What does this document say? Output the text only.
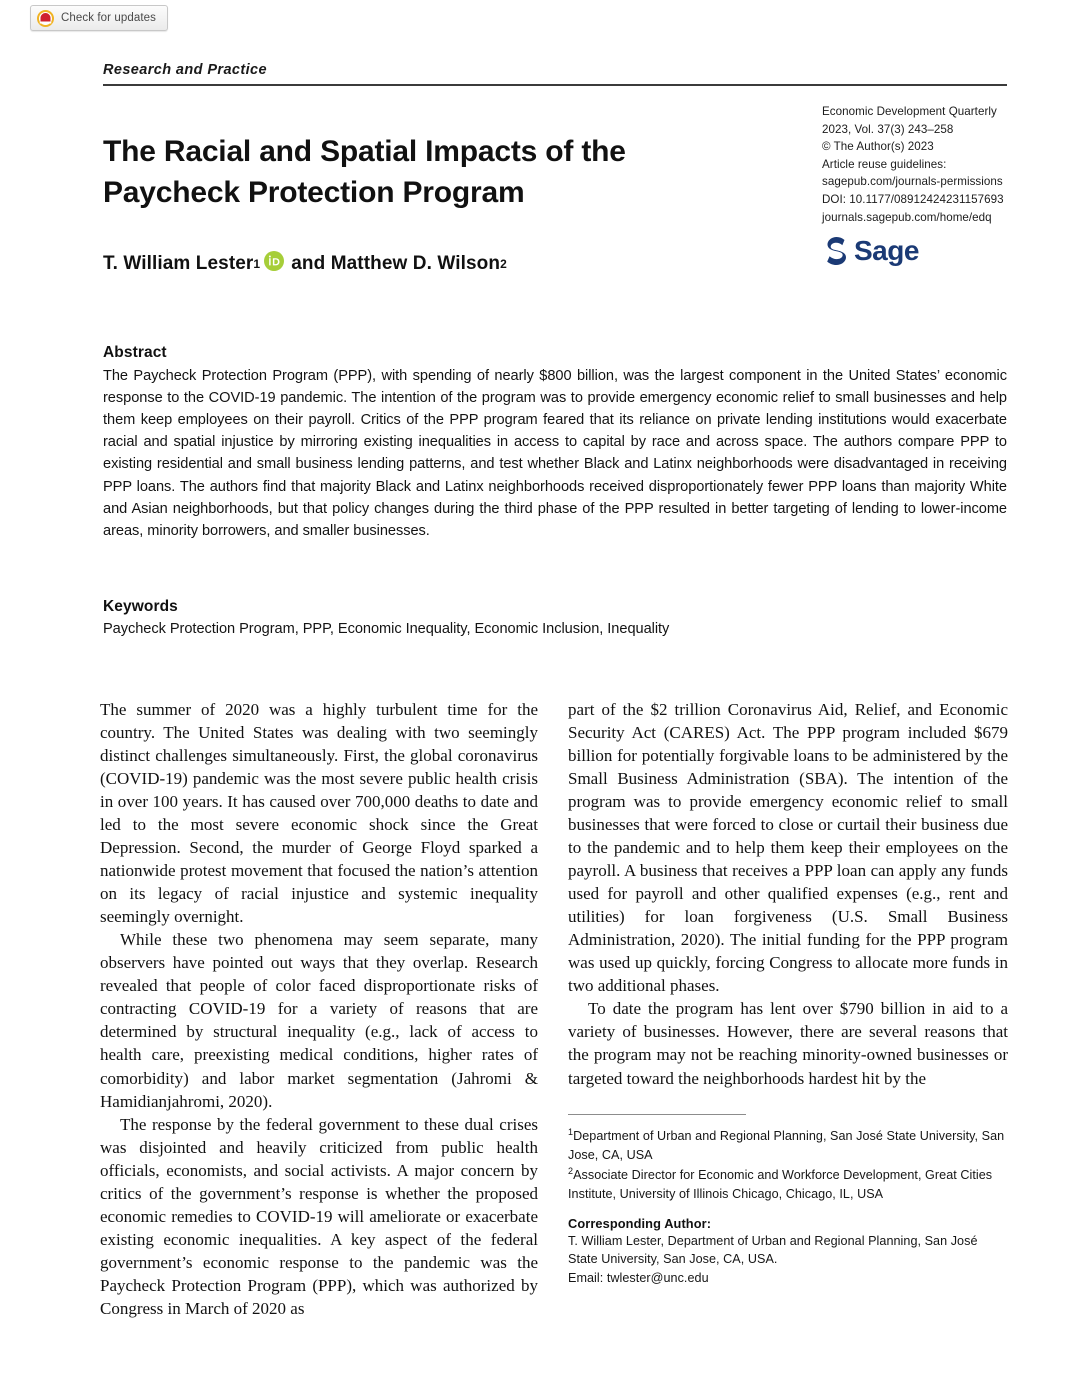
Check for updates
Research and Practice
The Racial and Spatial Impacts of the Paycheck Protection Program
Economic Development Quarterly
2023, Vol. 37(3) 243–258
© The Author(s) 2023
Article reuse guidelines:
sagepub.com/journals-permissions
DOI: 10.1177/08912424231157693
journals.sagepub.com/home/edq
Sage
T. William Lester 1 and
Matthew D. Wilson 2
Abstract
The Paycheck Protection Program (PPP), with spending of nearly $800 billion, was the largest component in the United States’ economic response to the COVID-19 pandemic. The intention of the program was to provide emergency economic relief to small businesses and help them keep employees on their payroll. Critics of the PPP program feared that its reliance on private lending institutions would exacerbate racial and spatial injustice by mirroring existing inequalities in access to capital by race and across space. The authors compare PPP to existing residential and small business lending patterns, and test whether Black and Latinx neighborhoods were disadvantaged in receiving PPP loans. The authors find that majority Black and Latinx neighborhoods received disproportionately fewer PPP loans than majority White and Asian neighborhoods, but that policy changes during the third phase of the PPP resulted in better targeting of lending to lower-income areas, minority borrowers, and smaller businesses.
Keywords
Paycheck Protection Program, PPP, Economic Inequality, Economic Inclusion, Inequality

The summer of 2020 was a highly turbulent time for the country. The United States was dealing with two seemingly distinct challenges simultaneously. First, the global coronavirus (COVID-19) pandemic was the most severe public health crisis in over 100 years. It has caused over 700,000 deaths to date and led to the most severe economic shock since the Great Depression. Second, the murder of George Floyd sparked a nationwide protest movement that focused the nation’s attention on its legacy of racial injustice and systemic inequality seemingly overnight.

While these two phenomena may seem separate, many observers have pointed out ways that they overlap. Research revealed that people of color faced disproportionate risks of contracting COVID-19 for a variety of reasons that are determined by structural inequality (e.g., lack of access to health care, preexisting medical conditions, higher rates of comorbidity) and labor market segmentation (Jahromi & Hamidianjahromi, 2020).

The response by the federal government to these dual crises was disjointed and heavily criticized from public health officials, economists, and social activists. A major concern by critics of the government’s response is whether the proposed economic remedies to COVID-19 will ameliorate or exacerbate existing economic inequalities. A key aspect of the federal government’s economic response to the pandemic was the Paycheck Protection Program (PPP), which was authorized by Congress in March of 2020 as

part of the $2 trillion Coronavirus Aid, Relief, and Economic Security Act (CARES) Act. The PPP program included $679 billion for potentially forgivable loans to be administered by the Small Business Administration (SBA). The intention of the program was to provide emergency economic relief to small businesses that were forced to close or curtail their business due to the pandemic and to help them keep their employees on the payroll. A business that receives a PPP loan can apply any funds used for payroll and other qualified expenses (e.g., rent and utilities) for loan forgiveness (U.S. Small Business Administration, 2020). The initial funding for the PPP program was used up quickly, forcing Congress to allocate more funds in two additional phases.

To date the program has lent over $790 billion in aid to a variety of businesses. However, there are several reasons that the program may not be reaching minority-owned businesses or targeted toward the neighborhoods hardest hit by the

$^1$Department of Urban and Regional Planning, San José State University, San Jose, CA, USA
$^2$Associate Director for Economic and Workforce Development, Great Cities Institute, University of Illinois Chicago, Chicago, IL, USA
Corresponding Author:
T. William Lester, Department of Urban and Regional Planning, San José State University, San Jose, CA, USA.
Email: twlester@unc.edu
